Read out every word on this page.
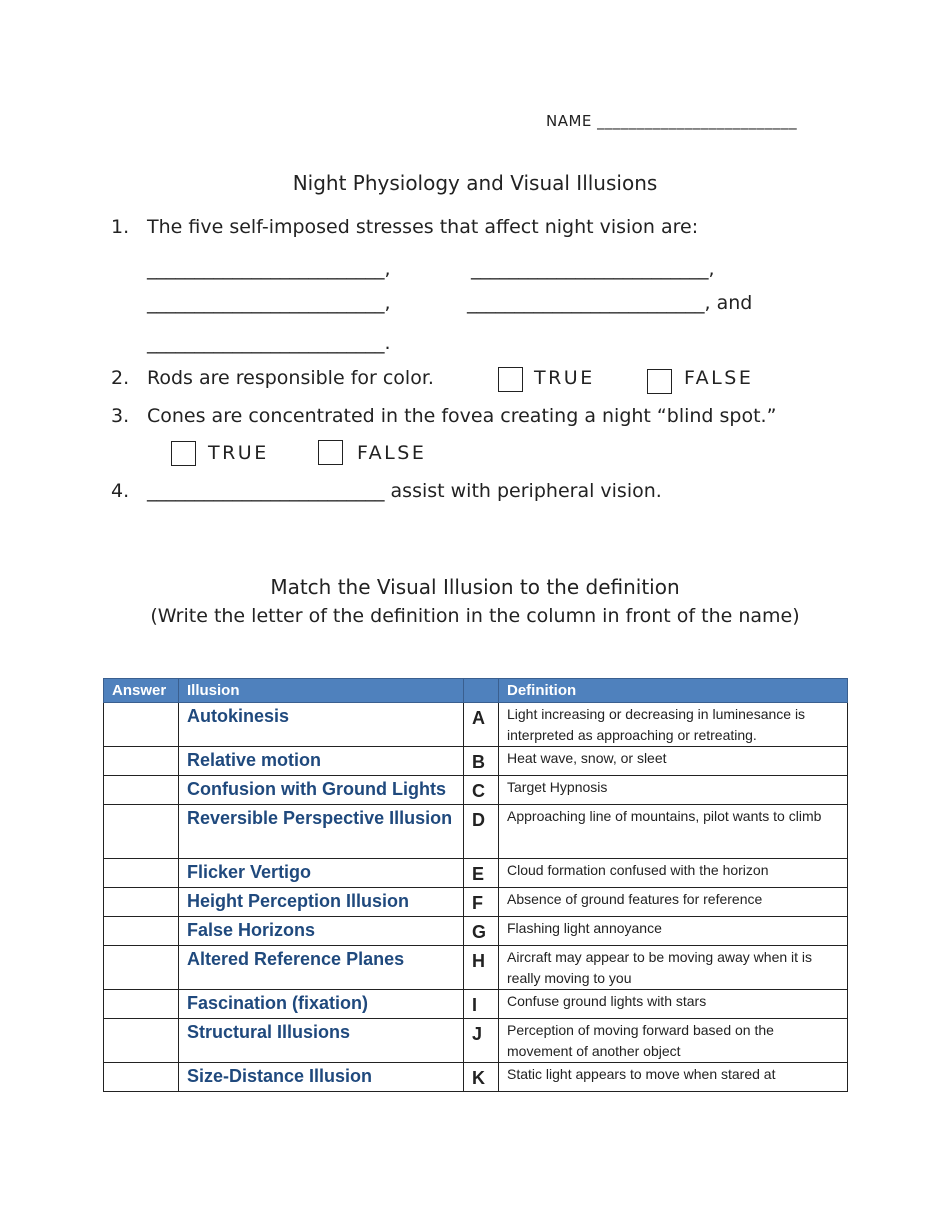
NAME _________________________
Night Physiology and Visual Illusions
1. The five self-imposed stresses that affect night vision are:
_________________________,	_________________________,
_________________________,	_________________________, and
_________________________.
2. Rods are responsible for color.	TRUE	FALSE
3. Cones are concentrated in the fovea creating a night “blind spot.”
TRUE	FALSE
4. _________________________ assist with peripheral vision.
Match the Visual Illusion to the definition
(Write the letter of the definition in the column in front of the name)
Answer	Illusion		Definition
	Autokinesis	A	Light increasing or decreasing in luminesance is interpreted as approaching or retreating.
	Relative motion	B	Heat wave, snow, or sleet
	Confusion with Ground Lights	C	Target Hypnosis
	Reversible Perspective Illusion	D	Approaching line of mountains, pilot wants to climb
	Flicker Vertigo	E	Cloud formation confused with the horizon
	Height Perception Illusion	F	Absence of ground features for reference
	False Horizons	G	Flashing light annoyance
	Altered Reference Planes	H	Aircraft may appear to be moving away when it is really moving to you
	Fascination (fixation)	I	Confuse ground lights with stars
	Structural Illusions	J	Perception of moving forward based on the movement of another object
	Size-Distance Illusion	K	Static light appears to move when stared at
